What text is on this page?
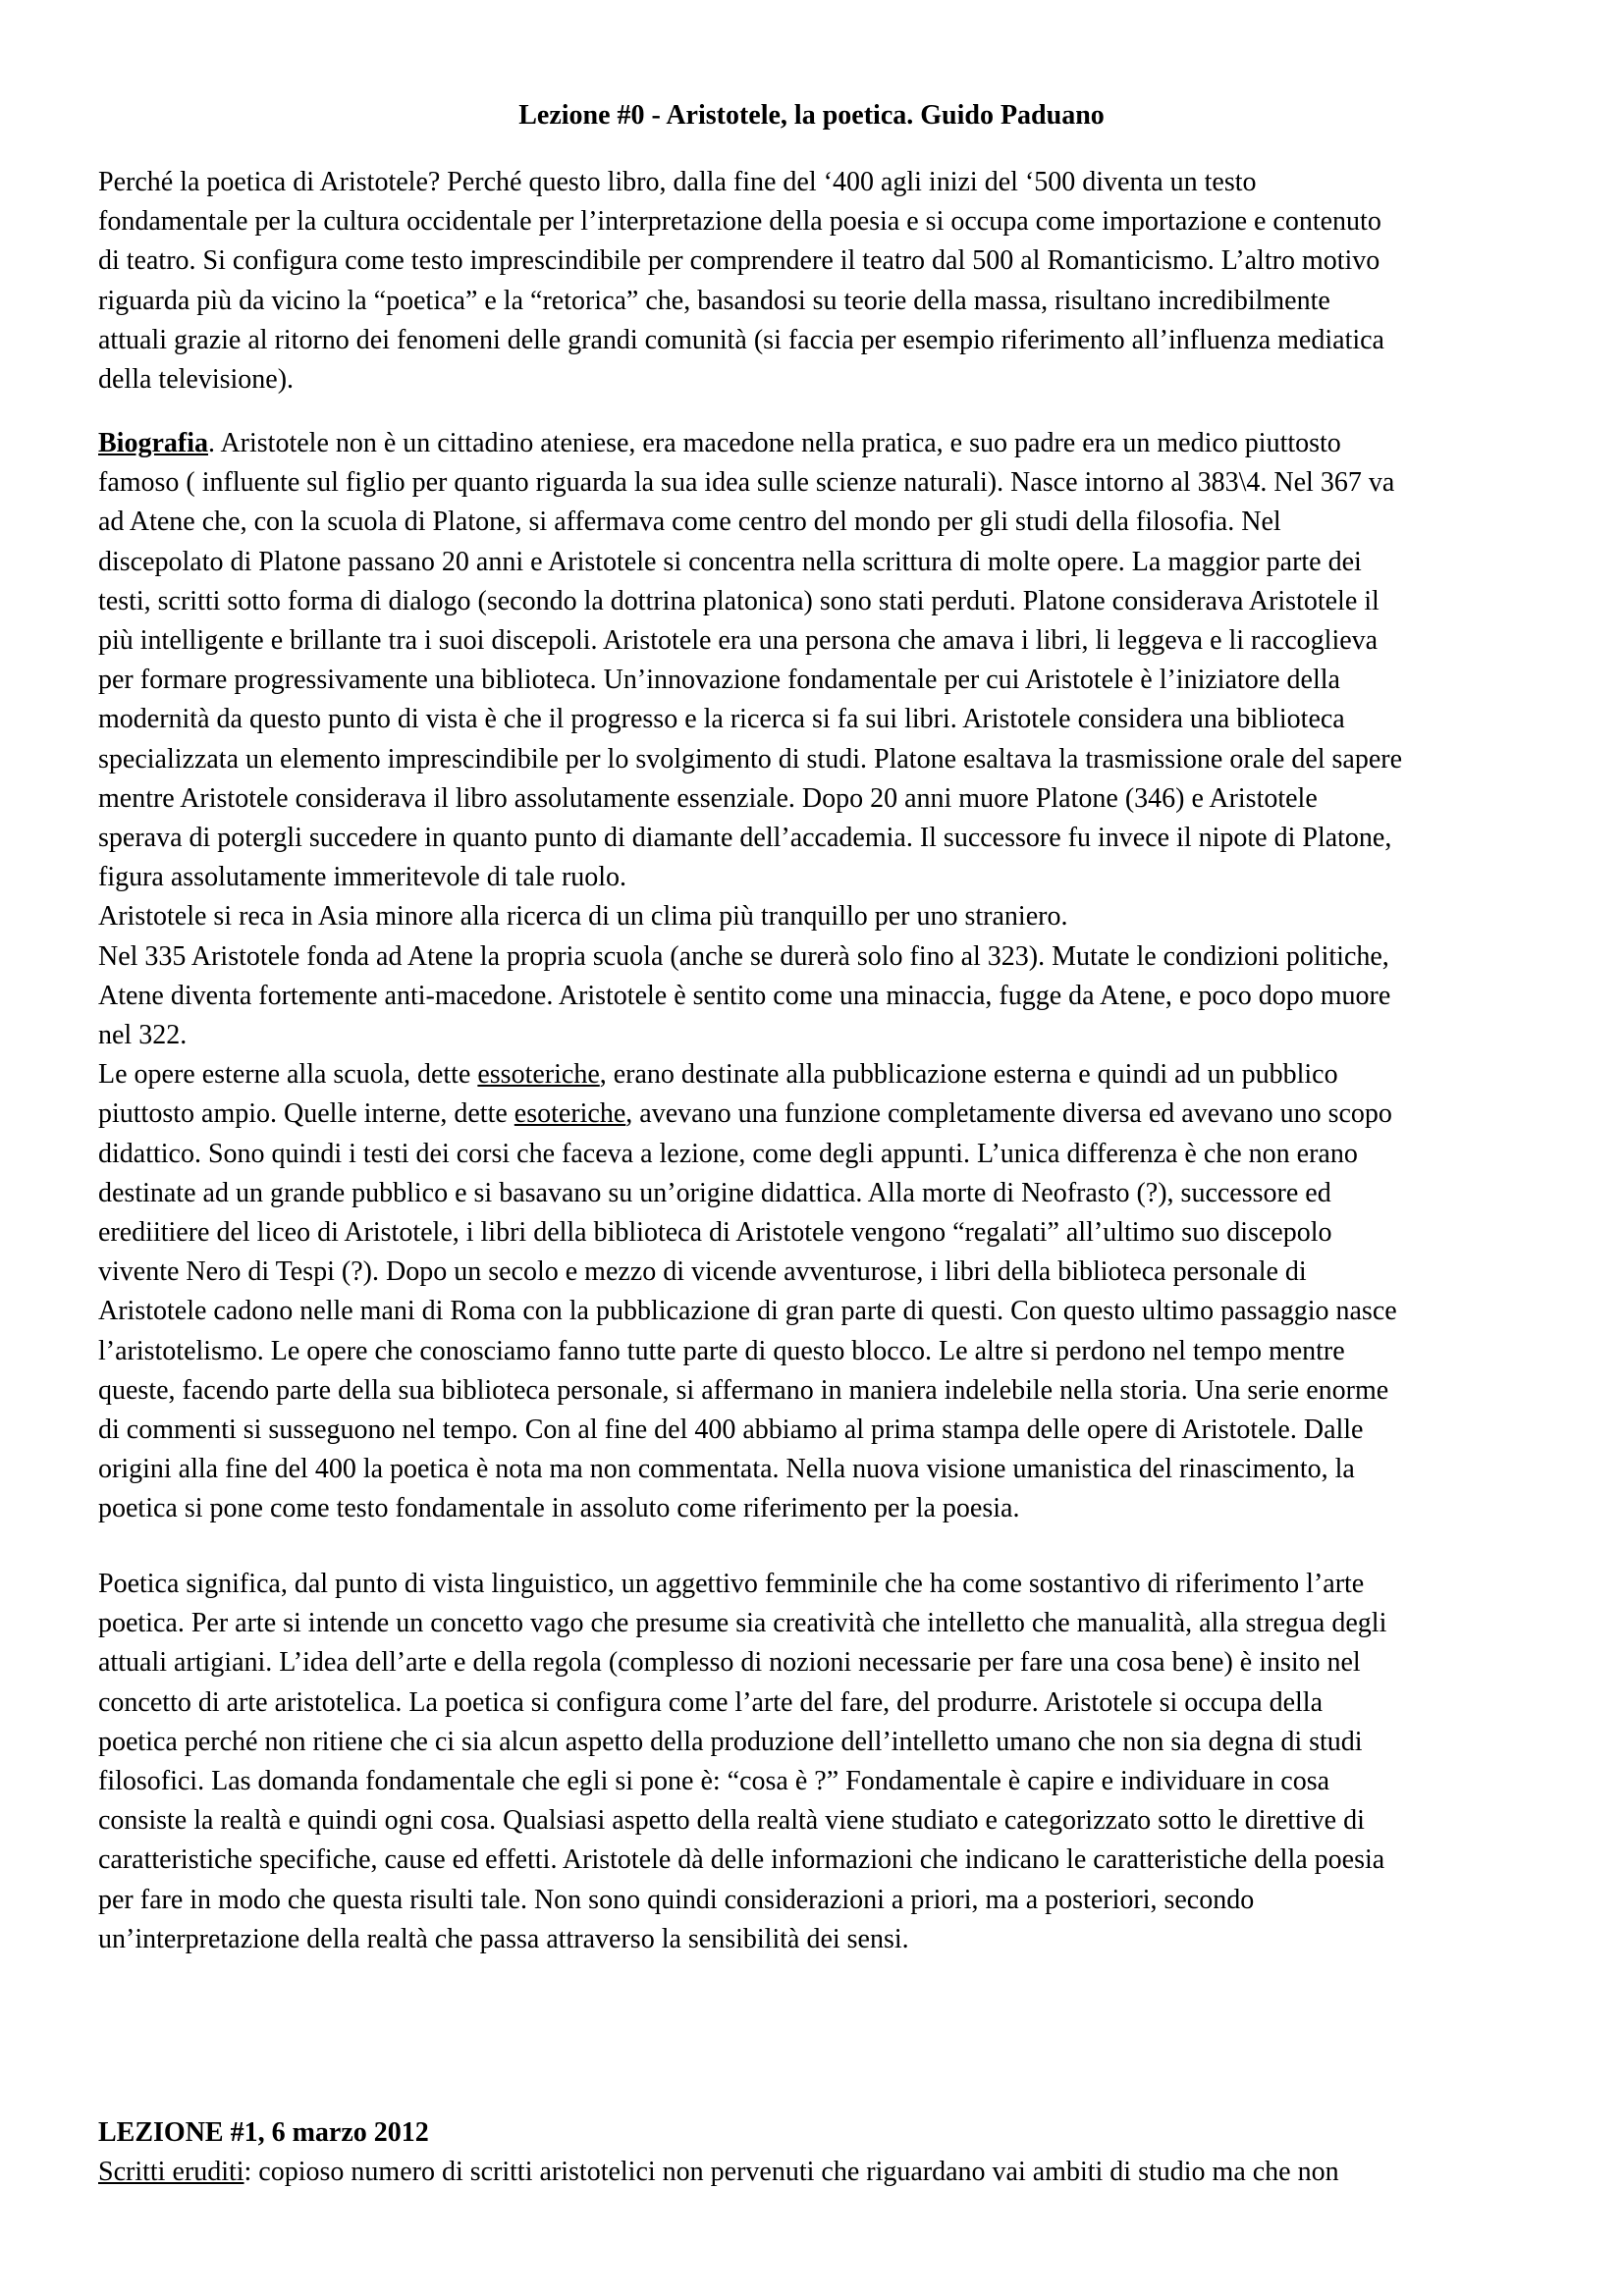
Lezione #0 - Aristotele, la poetica. Guido Paduano
Perché la poetica di Aristotele? Perché questo libro, dalla fine del ‘400 agli inizi del ‘500 diventa un testo
fondamentale per la cultura occidentale per l’interpretazione della poesia e si occupa come importazione e contenuto
di teatro. Si configura come testo imprescindibile per comprendere il teatro dal 500 al Romanticismo. L’altro motivo
riguarda più da vicino la “poetica” e la “retorica” che, basandosi su teorie della massa, risultano incredibilmente
attuali grazie al ritorno dei fenomeni delle grandi comunità (si faccia per esempio riferimento all’influenza mediatica
della televisione).
Biografia. Aristotele non è un cittadino ateniese, era macedone nella pratica, e suo padre era un medico piuttosto
famoso ( influente sul figlio per quanto riguarda la sua idea sulle scienze naturali). Nasce intorno al 383\4. Nel 367 va
ad Atene che, con la scuola di Platone, si affermava come centro del mondo per gli studi della filosofia. Nel
discepolato di Platone passano 20 anni e Aristotele si concentra nella scrittura di molte opere. La maggior parte dei
testi, scritti sotto forma di dialogo (secondo la dottrina platonica) sono stati perduti. Platone considerava Aristotele il
più intelligente e brillante tra i suoi discepoli. Aristotele era una persona che amava i libri, li leggeva e li raccoglieva
per formare progressivamente una biblioteca. Un’innovazione fondamentale per cui Aristotele è l’iniziatore della
modernità da questo punto di vista è che il progresso e la ricerca si fa sui libri. Aristotele considera una biblioteca
specializzata un elemento imprescindibile per lo svolgimento di studi. Platone esaltava la trasmissione orale del sapere
mentre Aristotele considerava il libro assolutamente essenziale. Dopo 20 anni muore Platone (346) e Aristotele
sperava di potergli succedere in quanto punto di diamante dell’accademia. Il successore fu invece il nipote di Platone,
figura assolutamente immeritevole di tale ruolo.
Aristotele si reca in Asia minore alla ricerca di un clima più tranquillo per uno straniero.
Nel 335 Aristotele fonda ad Atene la propria scuola (anche se durerà solo fino al 323). Mutate le condizioni politiche,
Atene diventa fortemente anti-macedone. Aristotele è sentito come una minaccia, fugge da Atene, e poco dopo muore
nel 322.
Le opere esterne alla scuola, dette essoteriche, erano destinate alla pubblicazione esterna e quindi ad un pubblico
piuttosto ampio. Quelle interne, dette esoteriche, avevano una funzione completamente diversa ed avevano uno scopo
didattico. Sono quindi i testi dei corsi che faceva a lezione, come degli appunti. L’unica differenza è che non erano
destinate ad un grande pubblico e si basavano su un’origine didattica. Alla morte di Neofrasto (?), successore ed
erediitiere del liceo di Aristotele, i libri della biblioteca di Aristotele vengono “regalati” all’ultimo suo discepolo
vivente Nero di Tespi (?). Dopo un secolo e mezzo di vicende avventurose, i libri della biblioteca personale di
Aristotele cadono nelle mani di Roma con la pubblicazione di gran parte di questi. Con questo ultimo passaggio nasce
l’aristotelismo. Le opere che conosciamo fanno tutte parte di questo blocco. Le altre si perdono nel tempo mentre
queste, facendo parte della sua biblioteca personale, si affermano in maniera indelebile nella storia. Una serie enorme
di commenti si susseguono nel tempo. Con al fine del 400 abbiamo al prima stampa delle opere di Aristotele. Dalle
origini alla fine del 400 la poetica è nota ma non commentata. Nella nuova visione umanistica del rinascimento, la
poetica si pone come testo fondamentale in assoluto come riferimento per la poesia.
Poetica significa, dal punto di vista linguistico, un aggettivo femminile che ha come sostantivo di riferimento l’arte
poetica. Per arte si intende un concetto vago che presume sia creatività che intelletto che manualità, alla stregua degli
attuali artigiani. L’idea dell’arte e della regola (complesso di nozioni necessarie per fare una cosa bene) è insito nel
concetto di arte aristotelica. La poetica si configura come l’arte del fare, del produrre. Aristotele si occupa della
poetica perché non ritiene che ci sia alcun aspetto della produzione dell’intelletto umano che non sia degna di studi
filosofici. Las domanda fondamentale che egli si pone è: “cosa è ?” Fondamentale è capire e individuare in cosa
consiste la realtà e quindi ogni cosa. Qualsiasi aspetto della realtà viene studiato e categorizzato sotto le direttive di
caratteristiche specifiche, cause ed effetti. Aristotele dà delle informazioni che indicano le caratteristiche della poesia
per fare in modo che questa risulti tale. Non sono quindi considerazioni a priori, ma a posteriori, secondo
un’interpretazione della realtà che passa attraverso la sensibilità dei sensi.
LEZIONE #1, 6 marzo 2012
Scritti eruditi: copioso numero di scritti aristotelici non pervenuti che riguardano vai ambiti di studio ma che non
